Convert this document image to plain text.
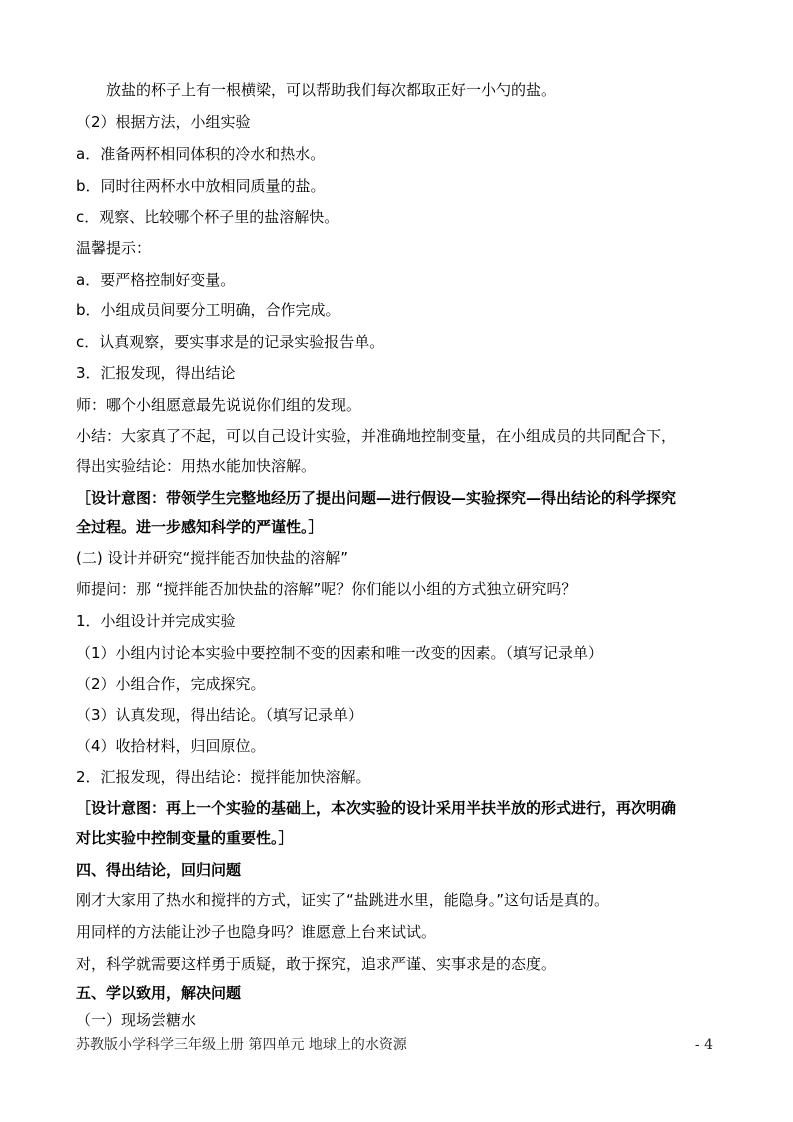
放盐的杯子上有一根横梁，可以帮助我们每次都取正好一小勺的盐。
（2）根据方法，小组实验
a．准备两杯相同体积的冷水和热水。
b．同时往两杯水中放相同质量的盐。
c．观察、比较哪个杯子里的盐溶解快。
温馨提示：
a．要严格控制好变量。
b．小组成员间要分工明确，合作完成。
c．认真观察，要实事求是的记录实验报告单。
3．汇报发现，得出结论
师：哪个小组愿意最先说说你们组的发现。
小结：大家真了不起，可以自己设计实验，并准确地控制变量，在小组成员的共同配合下，
得出实验结论：用热水能加快溶解。
［设计意图：带领学生完整地经历了提出问题—进行假设—实验探究—得出结论的科学探究
全过程。进一步感知科学的严谨性。］
(二) 设计并研究“搅拌能否加快盐的溶解”
师提问：那 “搅拌能否加快盐的溶解”呢？你们能以小组的方式独立研究吗？
1．小组设计并完成实验
（1）小组内讨论本实验中要控制不变的因素和唯一改变的因素。（填写记录单）
（2）小组合作，完成探究。
（3）认真发现，得出结论。（填写记录单）
（4）收拾材料，归回原位。
2．汇报发现，得出结论：搅拌能加快溶解。
［设计意图：再上一个实验的基础上，本次实验的设计采用半扶半放的形式进行，再次明确
对比实验中控制变量的重要性。］
四、得出结论，回归问题
刚才大家用了热水和搅拌的方式，证实了“盐跳进水里，能隐身。”这句话是真的。
用同样的方法能让沙子也隐身吗？谁愿意上台来试试。
对，科学就需要这样勇于质疑，敢于探究，追求严谨、实事求是的态度。
五、学以致用，解决问题
（一）现场尝糖水
苏教版小学科学三年级上册 第四单元 地球上的水资源	- 4
